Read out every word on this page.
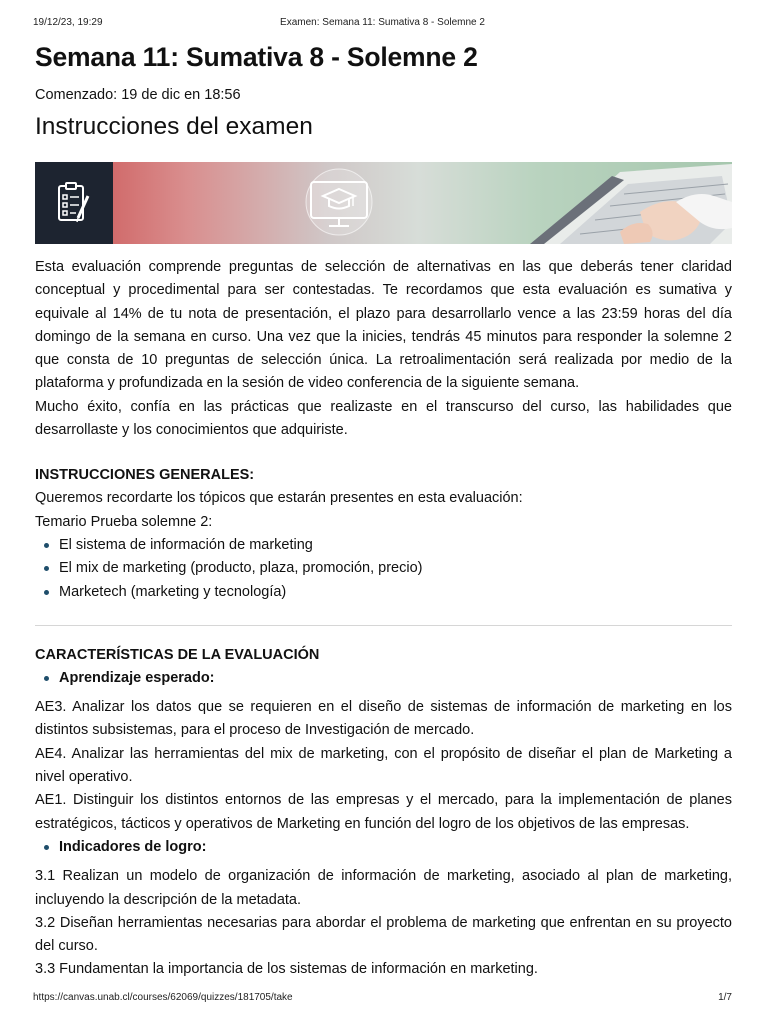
19/12/23, 19:29	Examen: Semana 11: Sumativa 8 - Solemne 2
Semana 11: Sumativa 8 - Solemne 2
Comenzado: 19 de dic en 18:56
Instrucciones del examen

Esta evaluación comprende preguntas de selección de alternativas en las que deberás tener claridad conceptual y procedimental para ser contestadas. Te recordamos que esta evaluación es sumativa y equivale al 14% de tu nota de presentación, el plazo para desarrollarlo vence a las 23:59 horas del día domingo de la semana en curso. Una vez que la inicies, tendrás 45 minutos para responder la solemne 2 que consta de 10 preguntas de selección única. La retroalimentación será realizada por medio de la plataforma y profundizada en la sesión de video conferencia de la siguiente semana.

Mucho éxito, confía en las prácticas que realizaste en el transcurso del curso, las habilidades que desarrollaste y los conocimientos que adquiriste.

INSTRUCCIONES GENERALES:
Queremos recordarte los tópicos que estarán presentes en esta evaluación:
Temario Prueba solemne 2:
El sistema de información de marketing
El mix de marketing (producto, plaza, promoción, precio)
Marketech (marketing y tecnología)
CARACTERÍSTICAS DE LA EVALUACIÓN
Aprendizaje esperado:

AE3. Analizar los datos que se requieren en el diseño de sistemas de información de marketing en los distintos subsistemas, para el proceso de Investigación de mercado.

AE4. Analizar las herramientas del mix de marketing, con el propósito de diseñar el plan de Marketing a nivel operativo.

AE1. Distinguir los distintos entornos de las empresas y el mercado, para la implementación de planes estratégicos, tácticos y operativos de Marketing en función del logro de los objetivos de las empresas.

Indicadores de logro:

3.1 Realizan un modelo de organización de información de marketing, asociado al plan de marketing, incluyendo la descripción de la metadata.

3.2 Diseñan herramientas necesarias para abordar el problema de marketing que enfrentan en su proyecto del curso.

3.3 Fundamentan la importancia de los sistemas de información en marketing.

https://canvas.unab.cl/courses/62069/quizzes/181705/take	1/7
